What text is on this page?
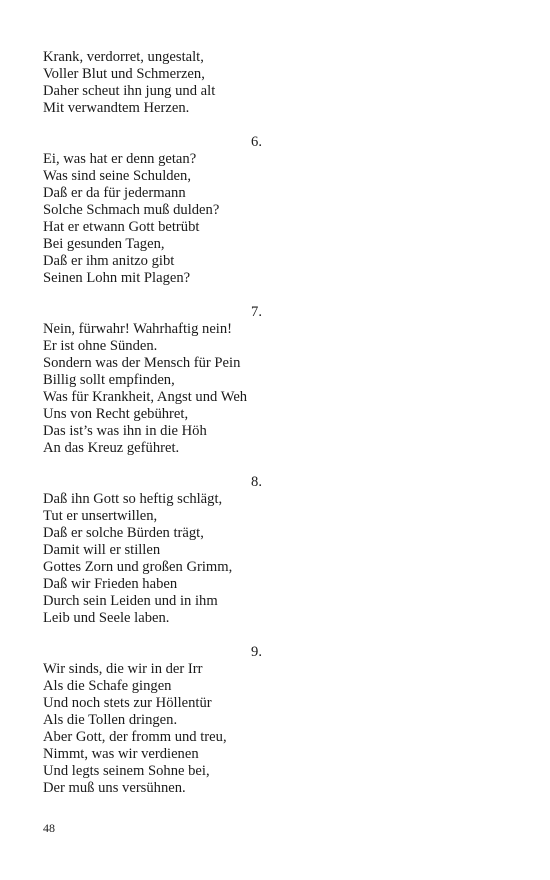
Krank, verdorret, ungestalt,
Voller Blut und Schmerzen,
Daher scheut ihn jung und alt
Mit verwandtem Herzen.
6.
Ei, was hat er denn getan?
Was sind seine Schulden,
Daß er da für jedermann
Solche Schmach muß dulden?
Hat er etwann Gott betrübt
Bei gesunden Tagen,
Daß er ihm anitzo gibt
Seinen Lohn mit Plagen?
7.
Nein, fürwahr! Wahrhaftig nein!
Er ist ohne Sünden.
Sondern was der Mensch für Pein
Billig sollt empfinden,
Was für Krankheit, Angst und Weh
Uns von Recht gebühret,
Das ist’s was ihn in die Höh
An das Kreuz geführet.
8.
Daß ihn Gott so heftig schlägt,
Tut er unsertwillen,
Daß er solche Bürden trägt,
Damit will er stillen
Gottes Zorn und großen Grimm,
Daß wir Frieden haben
Durch sein Leiden und in ihm
Leib und Seele laben.
9.
Wir sinds, die wir in der Irr
Als die Schafe gingen
Und noch stets zur Höllentür
Als die Tollen dringen.
Aber Gott, der fromm und treu,
Nimmt, was wir verdienen
Und legts seinem Sohne bei,
Der muß uns versühnen.
48
